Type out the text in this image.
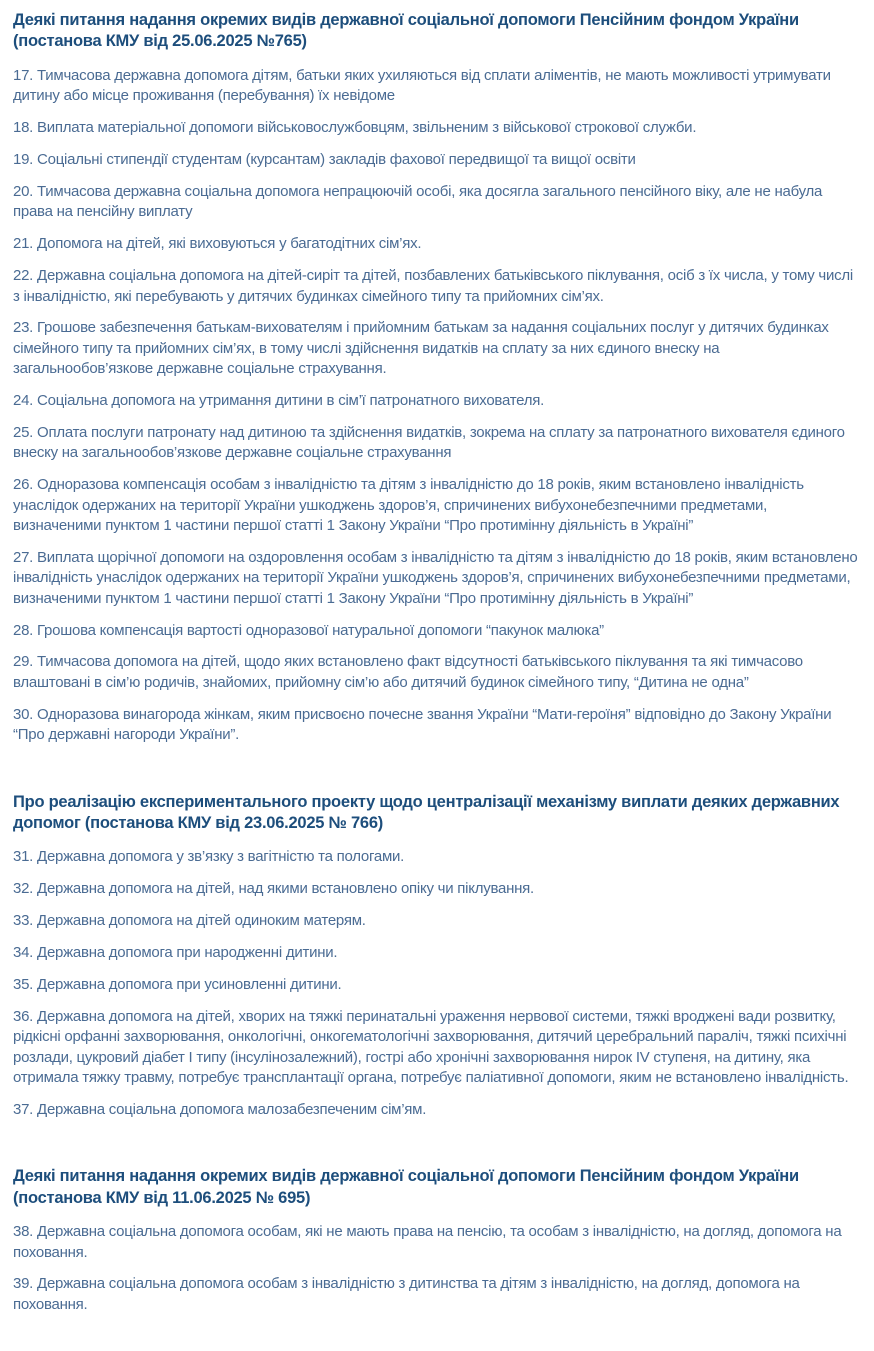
Деякі питання надання окремих видів державної соціальної допомоги Пенсійним фондом України (постанова КМУ від 25.06.2025 №765)

17. Тимчасова державна допомога дітям, батьки яких ухиляються від сплати аліментів, не мають можливості утримувати дитину або місце проживання (перебування) їх невідоме

18. Виплата матеріальної допомоги військовослужбовцям, звільненим з військової строкової служби.

19. Соціальні стипендії студентам (курсантам) закладів фахової передвищої та вищої освіти

20. Тимчасова державна соціальна допомога непрацюючій особі, яка досягла загального пенсійного віку, але не набула права на пенсійну виплату

21. Допомога на дітей, які виховуються у багатодітних сім’ях.

22. Державна соціальна допомога на дітей-сиріт та дітей, позбавлених батьківського піклування, осіб з їх числа, у тому числі з інвалідністю, які перебувають у дитячих будинках сімейного типу та прийомних сім’ях.

23. Грошове забезпечення батькам-вихователям і прийомним батькам за надання соціальних послуг у дитячих будинках сімейного типу та прийомних сім’ях, в тому числі здійснення видатків на сплату за них єдиного внеску на загальнообов’язкове державне соціальне страхування.

24. Соціальна допомога на утримання дитини в сім’ї патронатного вихователя.

25. Оплата послуги патронату над дитиною та здійснення видатків, зокрема на сплату за патронатного вихователя єдиного внеску на загальнообов’язкове державне соціальне страхування

26. Одноразова компенсація особам з інвалідністю та дітям з інвалідністю до 18 років, яким встановлено інвалідність унаслідок одержаних на території України ушкоджень здоров’я, спричинених вибухонебезпечними предметами, визначеними пунктом 1 частини першої статті 1 Закону України “Про протимінну діяльність в Україні”

27. Виплата щорічної допомоги на оздоровлення особам з інвалідністю та дітям з інвалідністю до 18 років, яким встановлено інвалідність унаслідок одержаних на території України ушкоджень здоров’я, спричинених вибухонебезпечними предметами, визначеними пунктом 1 частини першої статті 1 Закону України “Про протимінну діяльність в Україні”

28. Грошова компенсація вартості одноразової натуральної допомоги “пакунок малюка”

29. Тимчасова допомога на дітей, щодо яких встановлено факт відсутності батьківського піклування та які тимчасово влаштовані в сім’ю родичів, знайомих, прийомну сім’ю або дитячий будинок сімейного типу, “Дитина не одна”

30. Одноразова винагорода жінкам, яким присвоєно почесне звання України “Мати-героїня” відповідно до Закону України “Про державні нагороди України”.

Про реалізацію експериментального проекту щодо централізації механізму виплати деяких державних допомог (постанова КМУ від 23.06.2025 № 766)

31. Державна допомога у зв’язку з вагітністю та пологами.

32. Державна допомога на дітей, над якими встановлено опіку чи піклування.

33. Державна допомога на дітей одиноким матерям.

34. Державна допомога при народженні дитини.

35. Державна допомога при усиновленні дитини.

36. Державна допомога на дітей, хворих на тяжкі перинатальні ураження нервової системи, тяжкі вроджені вади розвитку, рідкісні орфанні захворювання, онкологічні, онкогематологічні захворювання, дитячий церебральний параліч, тяжкі психічні розлади, цукровий діабет I типу (інсулінозалежний), гострі або хронічні захворювання нирок IV ступеня, на дитину, яка отримала тяжку травму, потребує трансплантації органа, потребує паліативної допомоги, яким не встановлено інвалідність.

37. Державна соціальна допомога малозабезпеченим сім’ям.

Деякі питання надання окремих видів державної соціальної допомоги Пенсійним фондом України (постанова КМУ від 11.06.2025 № 695)

38. Державна соціальна допомога особам, які не мають права на пенсію, та особам з інвалідністю, на догляд, допомога на поховання.

39. Державна соціальна допомога особам з інвалідністю з дитинства та дітям з інвалідністю, на догляд, допомога на поховання.
